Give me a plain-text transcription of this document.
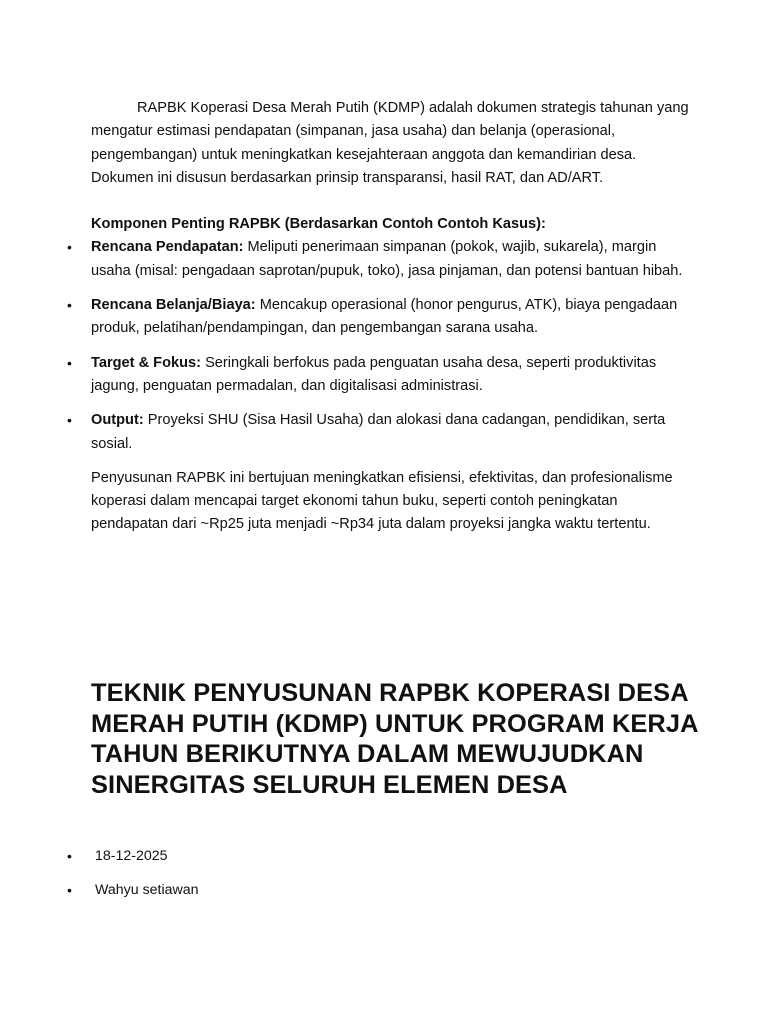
RAPBK Koperasi Desa Merah Putih (KDMP) adalah dokumen strategis tahunan yang mengatur estimasi pendapatan (simpanan, jasa usaha) dan belanja (operasional, pengembangan) untuk meningkatkan kesejahteraan anggota dan kemandirian desa. Dokumen ini disusun berdasarkan prinsip transparansi, hasil RAT, dan AD/ART.

Komponen Penting RAPBK (Berdasarkan Contoh Contoh Kasus):

• Rencana Pendapatan: Meliputi penerimaan simpanan (pokok, wajib, sukarela), margin usaha (misal: pengadaan saprotan/pupuk, toko), jasa pinjaman, dan potensi bantuan hibah.
• Rencana Belanja/Biaya: Mencakup operasional (honor pengurus, ATK), biaya pengadaan produk, pelatihan/pendampingan, dan pengembangan sarana usaha.
• Target & Fokus: Seringkali berfokus pada penguatan usaha desa, seperti produktivitas jagung, penguatan permadalan, dan digitalisasi administrasi.
• Output: Proyeksi SHU (Sisa Hasil Usaha) dan alokasi dana cadangan, pendidikan, serta sosial.

Penyusunan RAPBK ini bertujuan meningkatkan efisiensi, efektivitas, dan profesionalisme koperasi dalam mencapai target ekonomi tahun buku, seperti contoh peningkatan pendapatan dari ~Rp25 juta menjadi ~Rp34 juta dalam proyeksi jangka waktu tertentu.

TEKNIK PENYUSUNAN RAPBK KOPERASI DESA MERAH PUTIH (KDMP) UNTUK PROGRAM KERJA TAHUN BERIKUTNYA DALAM MEWUJUDKAN SINERGITAS SELURUH ELEMEN DESA
• 18-12-2025
• Wahyu setiawan
